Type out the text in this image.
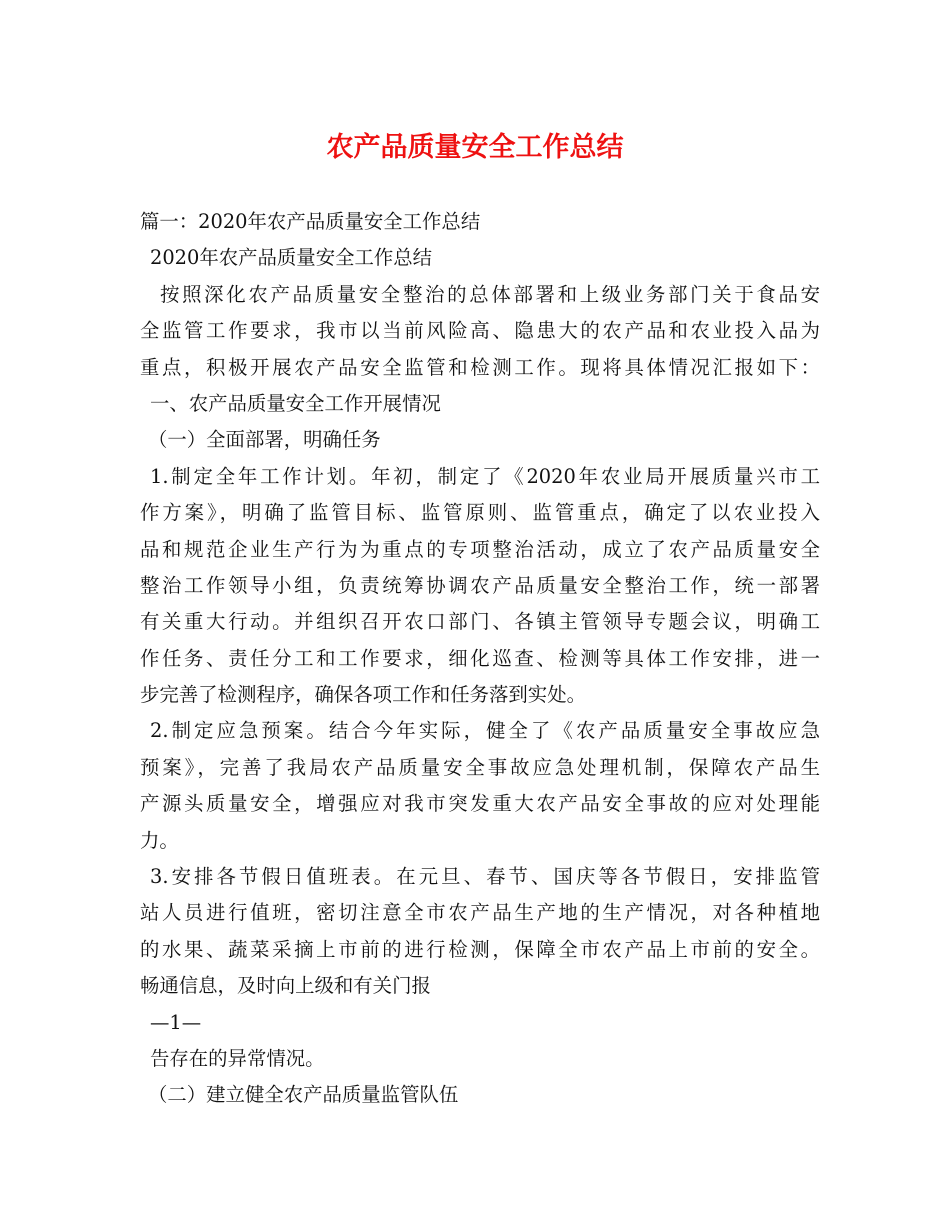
农产品质量安全工作总结
篇一：2020年农产品质量安全工作总结
2020年农产品质量安全工作总结
按照深化农产品质量安全整治的总体部署和上级业务部门关于食品安
全监管工作要求，我市以当前风险高、隐患大的农产品和农业投入品为
重点，积极开展农产品安全监管和检测工作。现将具体情况汇报如下：
一、农产品质量安全工作开展情况
（一）全面部署，明确任务
1.制定全年工作计划。年初，制定了《2020年农业局开展质量兴市工
作方案》，明确了监管目标、监管原则、监管重点，确定了以农业投入
品和规范企业生产行为为重点的专项整治活动，成立了农产品质量安全
整治工作领导小组，负责统筹协调农产品质量安全整治工作，统一部署
有关重大行动。并组织召开农口部门、各镇主管领导专题会议，明确工
作任务、责任分工和工作要求，细化巡查、检测等具体工作安排，进一
步完善了检测程序，确保各项工作和任务落到实处。
2.制定应急预案。结合今年实际，健全了《农产品质量安全事故应急
预案》，完善了我局农产品质量安全事故应急处理机制，保障农产品生
产源头质量安全，增强应对我市突发重大农产品安全事故的应对处理能
力。
3.安排各节假日值班表。在元旦、春节、国庆等各节假日，安排监管
站人员进行值班，密切注意全市农产品生产地的生产情况，对各种植地
的水果、蔬菜采摘上市前的进行检测，保障全市农产品上市前的安全。
畅通信息，及时向上级和有关门报
—1—
告存在的异常情况。
（二）建立健全农产品质量监管队伍
